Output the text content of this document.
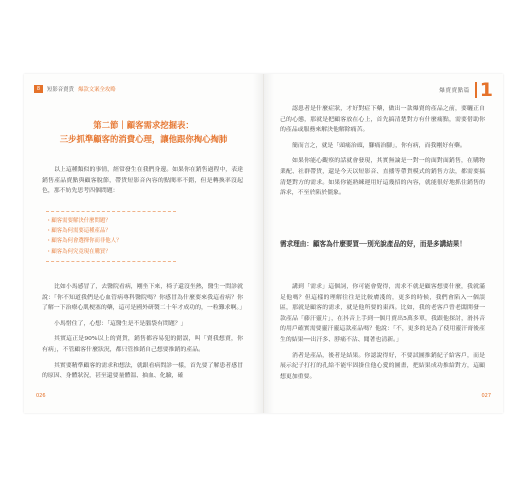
8	短影音賣貨 爆款文案全攻略
第二節｜顧客需求挖掘表：
三步抓準顧客的消費心理，讓他跟你掏心掏肺

以上這種類似的事情，經常發生在我們身邊。如果你在銷售過程中，表達銷售產品賣點與顧客脫節，帶貨短影音內容的點閱率不錯，但是轉換率沒起色，那不妨先思考四個問題：

・顧客需要解決什麼問題？
・顧客為何需要這種產品？
・顧客為何會選擇你而非他人？
・顧客為何究竟現在購買？

比如小馬感冒了，去醫院看病，剛坐下來，椅子還沒坐熱，醫生一問診就說：「你不知道我們是心血管病專科醫院嗎？你感冒為什麼要來我這看病？你了解一下治療心肌梗塞的藥，這可是國外研製二十年才成功的，一粒難求啊。」

小馬惜住了，心想：「這醫生是不是腦袋有問題？」

其實這正是90%以上的賣貨，銷售都容易犯的錯誤，叫「賣我想賣，你有病」，不管顧客什麼狀況，都只管推銷自己想要推銷的產品。

其實要精準顧客的需求和想法，就跟看病問診一樣，首先要了解患者感冒的原因、身體狀況，甚至還要量體溫、抽血、化驗，確

026
爆賣賣點篇 1

認患者是什麼症狀，才好對症下藥，做出一款爆賣的產品之前，要曬正自己的心態，那就是把顧客放在心上，首先搞清楚對方有什麼痛點，需要借助你的產品或服務來解決他解除痛苦。

簡而言之，就是「頭痛治頭，腳痛治腳」，你有病，而我剛好有藥。

如果你能心觀察的話就會發現，其實無論是一對一的面對面銷售，在購物業配、社群帶貨，還是今天以短影音、直播等帶貨模式的銷售方法，都需要搞清楚對方的需求。如果你能熟練運用好這幾招的內容，就能很好地抓住銷售的訴求，不至於陷於僵象。

需求理由：顧客為什麼要買──別光說產品的好，而是多講結果！

講到「需求」這個詞，你可能會覺得，需求不就是顧客想要什麼，我就滿足他嗎？但這樣的理解往往是比較膚淺的，更多的時候，我們會陷入一個誤區，那就是顧客的需求，就是他所要的東西。比如，我的老客戶曾老闆開發一款產品「藤汗靈片」，在抖音上手到一個月賣出5萬多單，我跟他探討，滑抖音的用戶確實需要靈汗靈這款產品嗎？他說：「不，更多的是為了使用靈汗膏後產生的結果──出汗多、脖痛不沾、聞著也清新。」

消者是產品，後者是結果。你認說得好，不要試圖推銷紀子給客戶，而是展示紀子打打的孔給不能牢固掛住他心愛的圖畫，把結果成功推給對方，這顧想更加重要。

027
